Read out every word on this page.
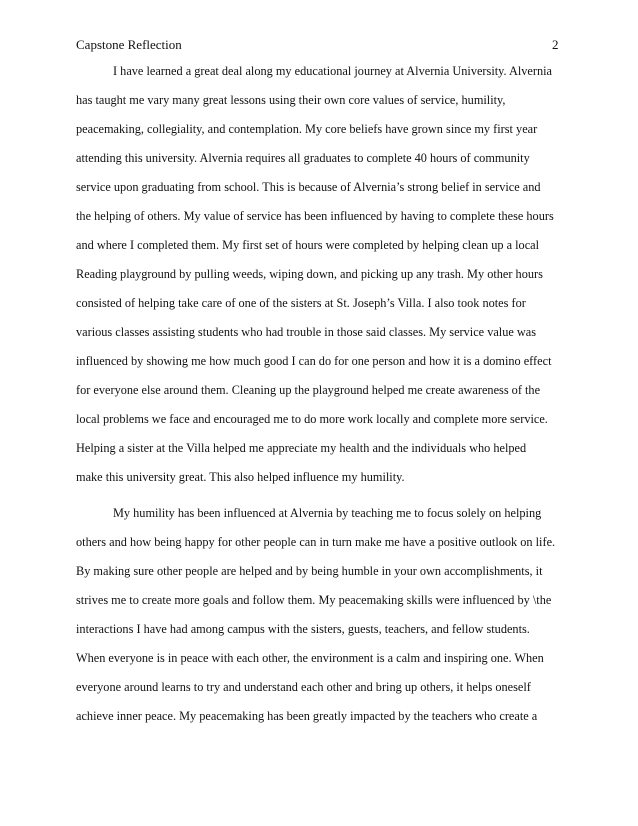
Capstone Reflection	2
I have learned a great deal along my educational journey at Alvernia University. Alvernia
has taught me vary many great lessons using their own core values of service, humility,
peacemaking, collegiality, and contemplation. My core beliefs have grown since my first year
attending this university. Alvernia requires all graduates to complete 40 hours of community
service upon graduating from school. This is because of Alvernia’s strong belief in service and
the helping of others. My value of service has been influenced by having to complete these hours
and where I completed them. My first set of hours were completed by helping clean up a local
Reading playground by pulling weeds, wiping down, and picking up any trash. My other hours
consisted of helping take care of one of the sisters at St. Joseph’s Villa. I also took notes for
various classes assisting students who had trouble in those said classes. My service value was
influenced by showing me how much good I can do for one person and how it is a domino effect
for everyone else around them. Cleaning up the playground helped me create awareness of the
local problems we face and encouraged me to do more work locally and complete more service.
Helping a sister at the Villa helped me appreciate my health and the individuals who helped
make this university great. This also helped influence my humility.
My humility has been influenced at Alvernia by teaching me to focus solely on helping
others and how being happy for other people can in turn make me have a positive outlook on life.
By making sure other people are helped and by being humble in your own accomplishments, it
strives me to create more goals and follow them. My peacemaking skills were influenced by \the
interactions I have had among campus with the sisters, guests, teachers, and fellow students.
When everyone is in peace with each other, the environment is a calm and inspiring one. When
everyone around learns to try and understand each other and bring up others, it helps oneself
achieve inner peace. My peacemaking has been greatly impacted by the teachers who create a
